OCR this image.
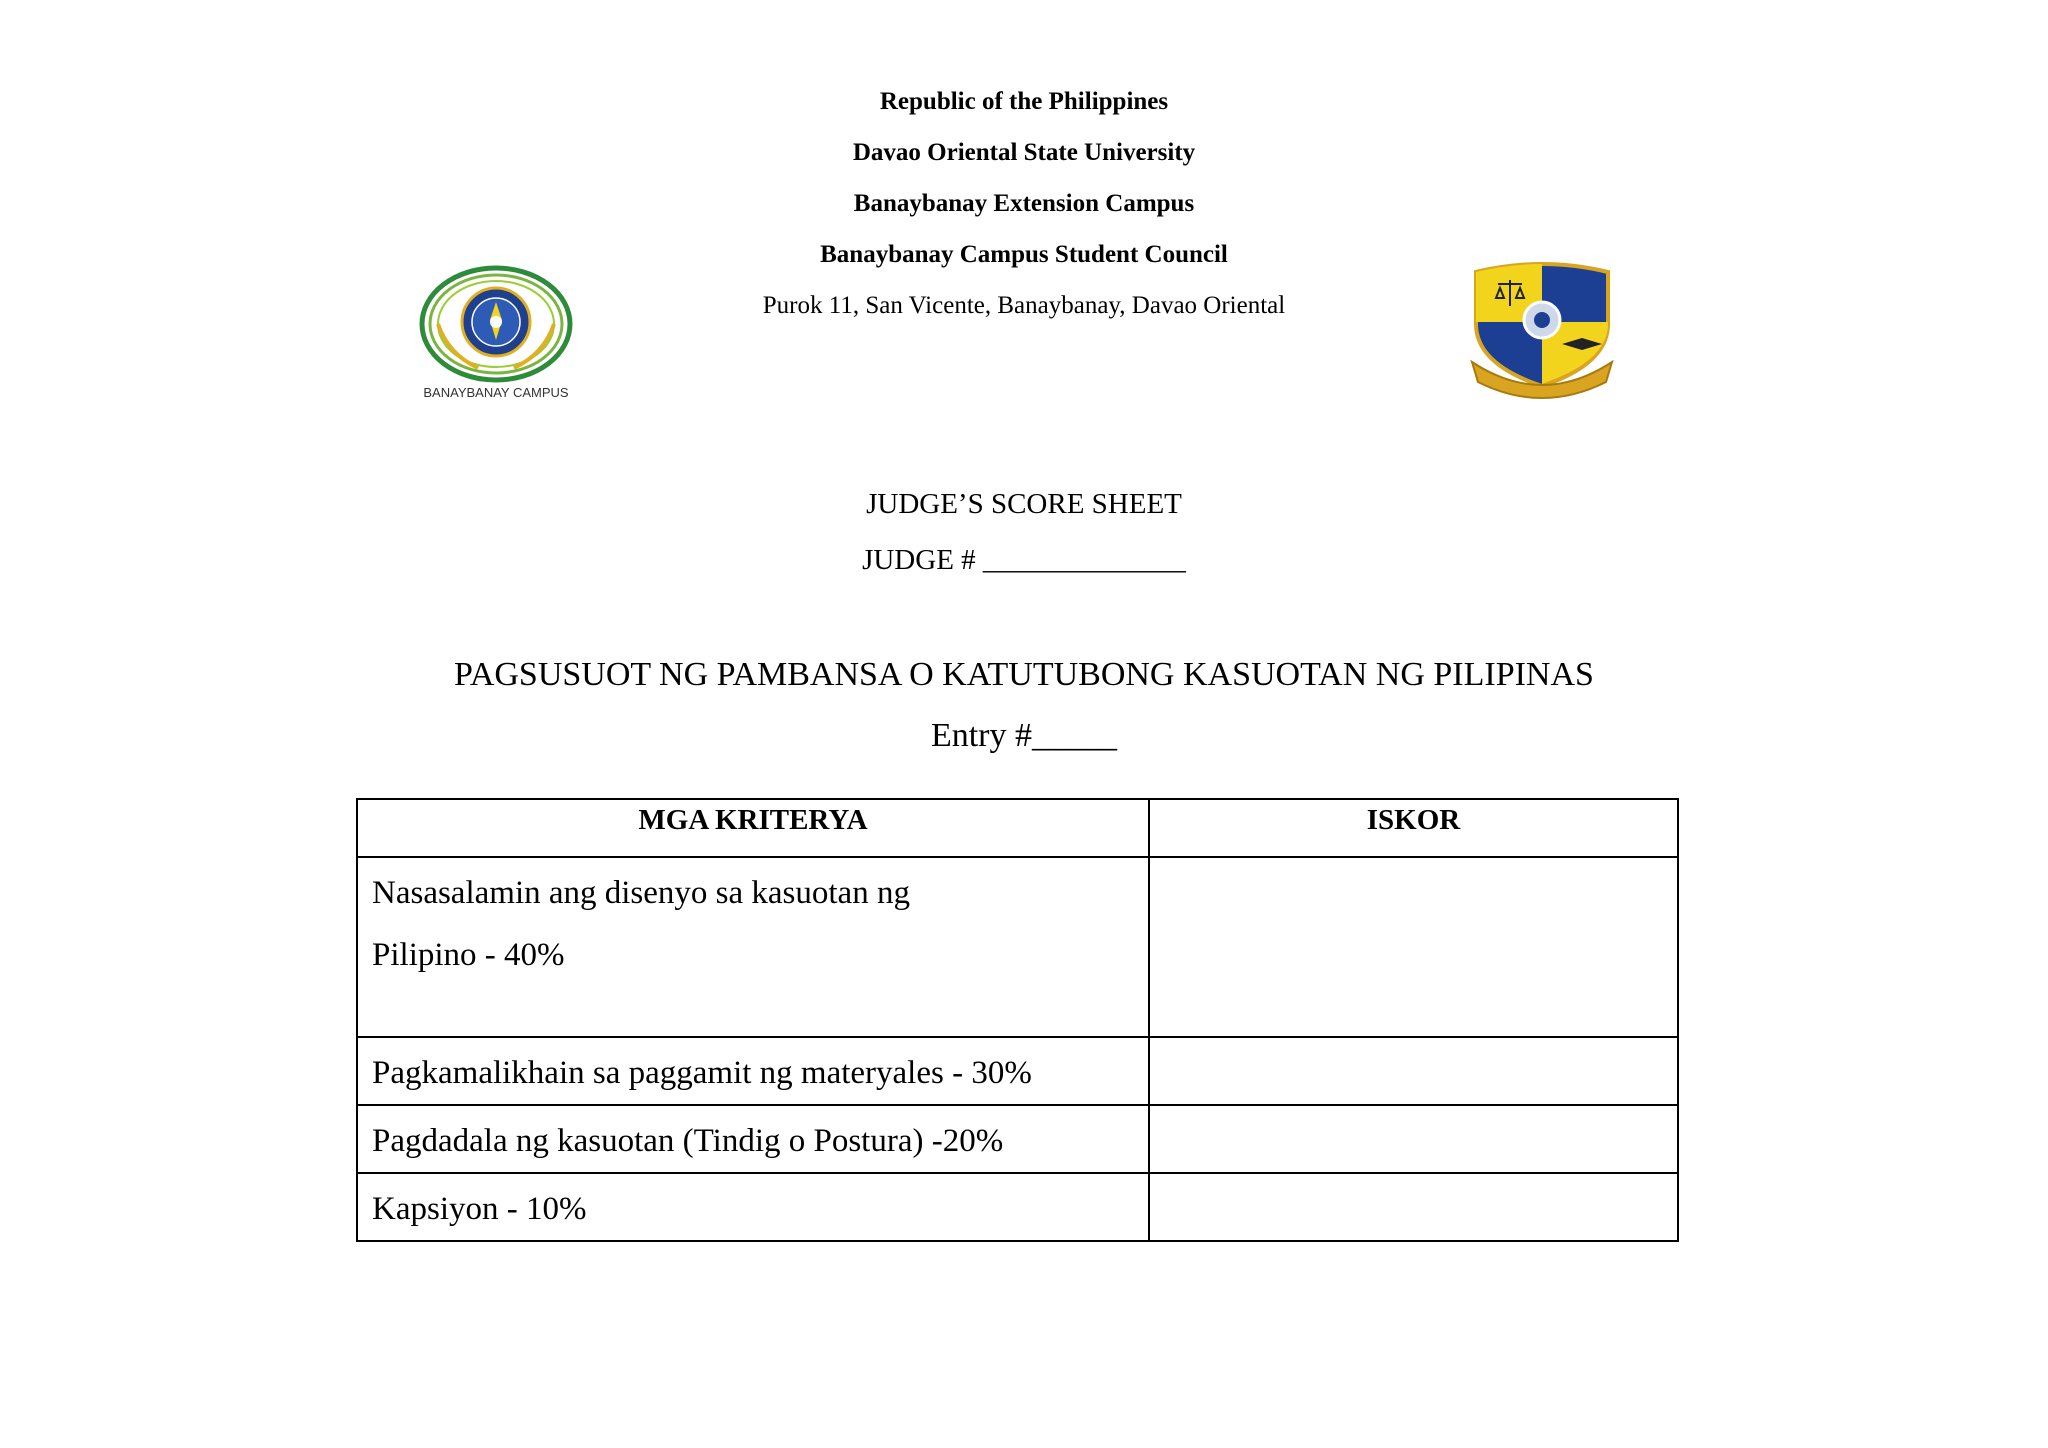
Republic of the Philippines
Davao Oriental State University
Banaybanay Extension Campus
Banaybanay Campus Student Council
Purok 11, San Vicente, Banaybanay, Davao Oriental
BANAYBANAY CAMPUS
JUDGE’S SCORE SHEET
JUDGE # ______________
PAGSUSUOT NG PAMBANSA O KATUTUBONG KASUOTAN NG PILIPINAS
Entry #_____
MGA KRITERYA	ISKOR

Nasasalamin ang disenyo sa kasuotan ng
Pilipino - 40%	

Pagkamalikhain sa paggamit ng materyales - 30%	
Pagdadala ng kasuotan (Tindig o Postura) -20%	
Kapsiyon - 10%	
